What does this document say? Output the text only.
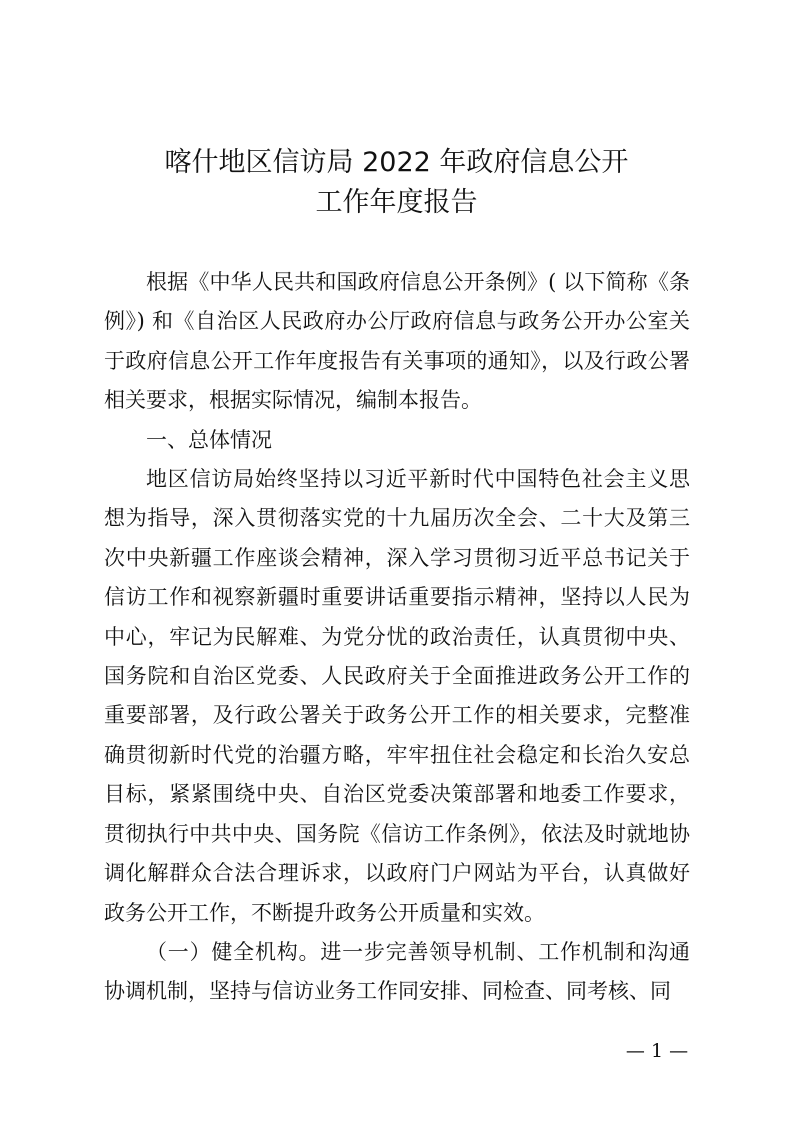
喀什地区信访局 2022 年政府信息公开
工作年度报告

根据《中华人民共和国政府信息公开条例》( 以下简称《条例》) 和《自治区人民政府办公厅政府信息与政务公开办公室关于政府信息公开工作年度报告有关事项的通知》，以及行政公署相关要求，根据实际情况，编制本报告。

一、总体情况

地区信访局始终坚持以习近平新时代中国特色社会主义思想为指导，深入贯彻落实党的十九届历次全会、二十大及第三次中央新疆工作座谈会精神，深入学习贯彻习近平总书记关于信访工作和视察新疆时重要讲话重要指示精神，坚持以人民为中心，牢记为民解难、为党分忧的政治责任，认真贯彻中央、国务院和自治区党委、人民政府关于全面推进政务公开工作的重要部署，及行政公署关于政务公开工作的相关要求，完整准确贯彻新时代党的治疆方略，牢牢扭住社会稳定和长治久安总目标，紧紧围绕中央、自治区党委决策部署和地委工作要求，贯彻执行中共中央、国务院《信访工作条例》，依法及时就地协调化解群众合法合理诉求，以政府门户网站为平台，认真做好政务公开工作，不断提升政务公开质量和实效。

（一）健全机构。进一步完善领导机制、工作机制和沟通协调机制，坚持与信访业务工作同安排、同检查、同考核、同

— 1 —
